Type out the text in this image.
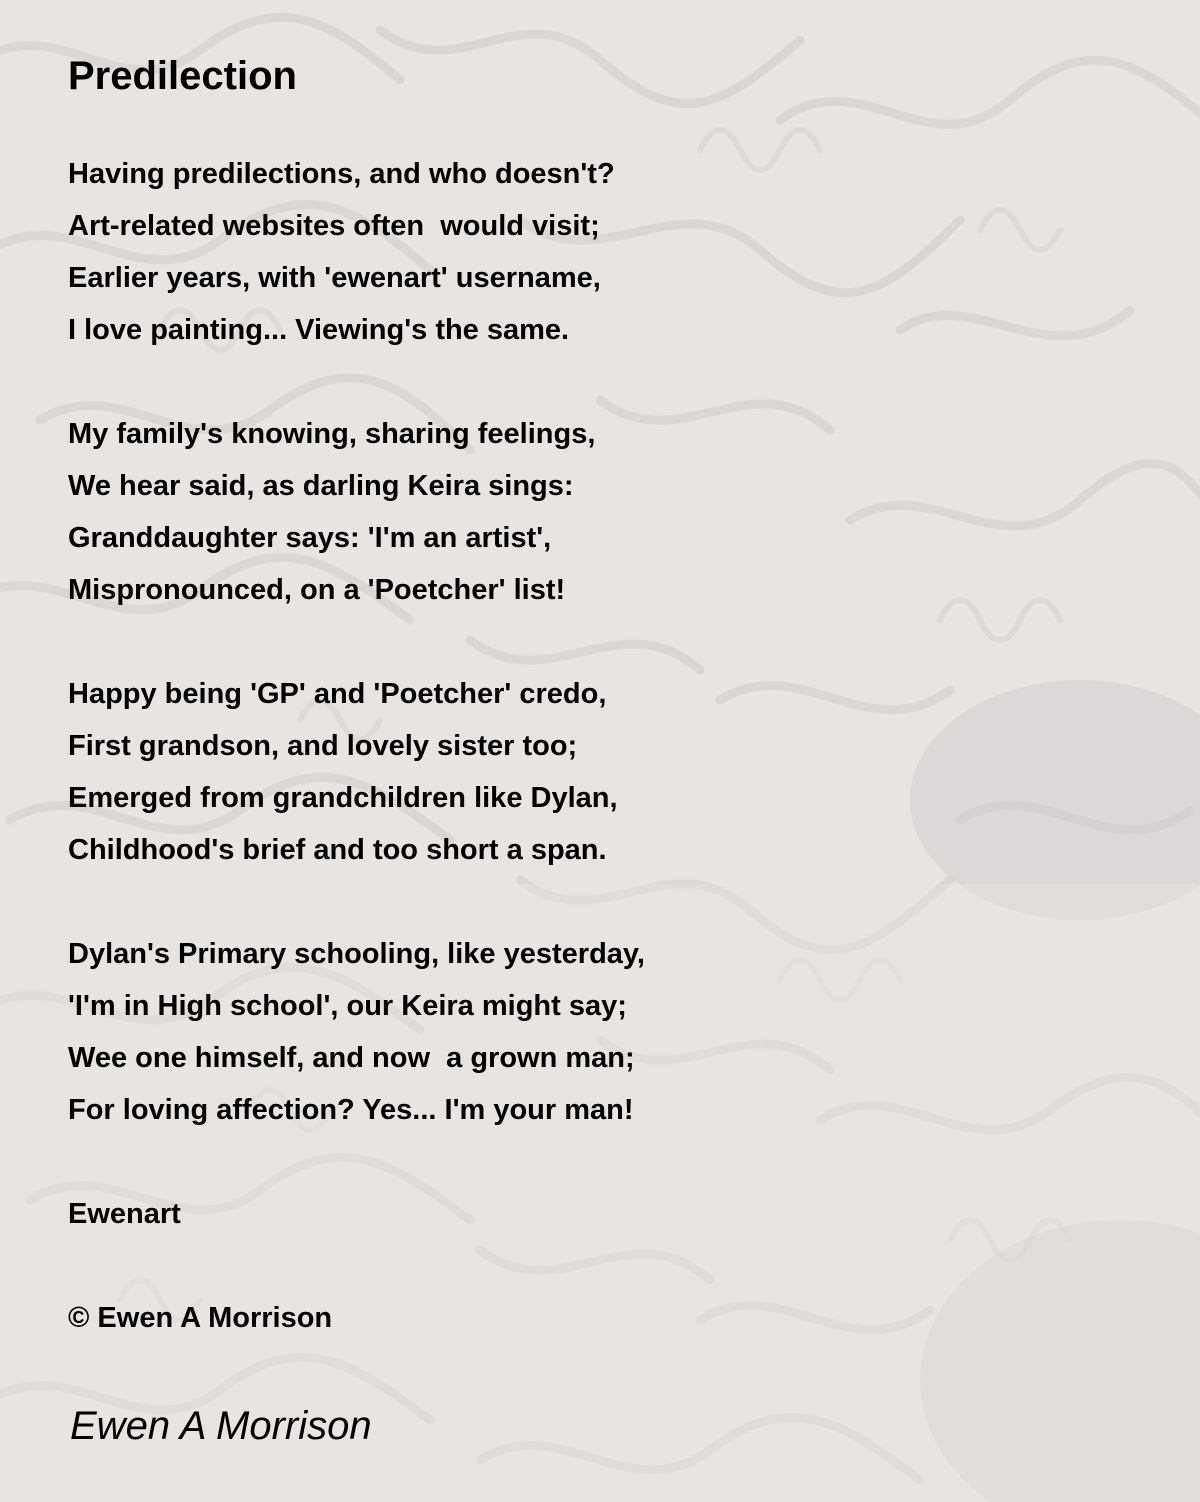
Predilection
Having predilections, and who doesn't?
Art-related websites often  would visit;
Earlier years, with 'ewenart' username,
I love painting... Viewing's the same.
My family's knowing, sharing feelings,
We hear said, as darling Keira sings:
Granddaughter says: 'I'm an artist',
Mispronounced, on a 'Poetcher' list!
Happy being 'GP' and 'Poetcher' credo,
First grandson, and lovely sister too;
Emerged from grandchildren like Dylan,
Childhood's brief and too short a span.
Dylan's Primary schooling, like yesterday,
'I'm in High school', our Keira might say;
Wee one himself, and now  a grown man;
For loving affection? Yes... I'm your man!
Ewenart
© Ewen A Morrison
Ewen A Morrison
